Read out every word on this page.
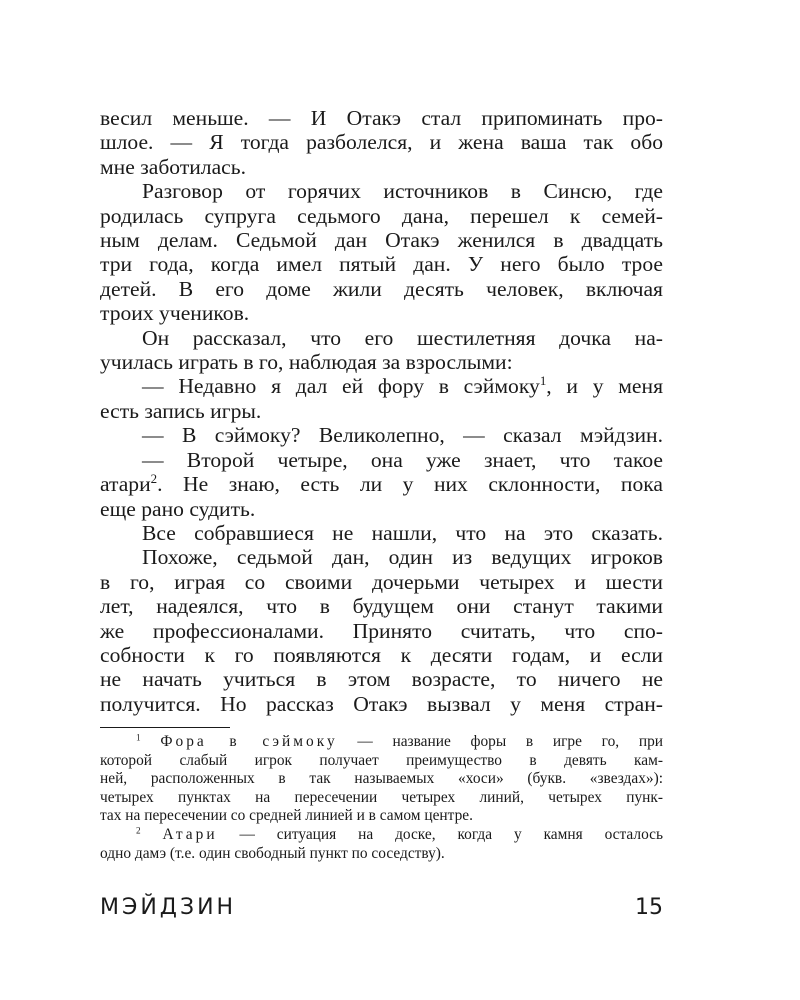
весил меньше. — И Отакэ стал припоминать про-
шлое. — Я тогда разболелся, и жена ваша так обо
мне заботилась.
Разговор от горячих источников в Синсю, где
родилась супруга седьмого дана, перешел к семей-
ным делам. Седьмой дан Отакэ женился в двадцать
три года, когда имел пятый дан. У него было трое
детей. В его доме жили десять человек, включая
троих учеников.
Он рассказал, что его шестилетняя дочка на-
училась играть в го, наблюдая за взрослыми:
— Недавно я дал ей фору в сэймоку$^1$, и у меня
есть запись игры.
— В сэймоку? Великолепно, — сказал мэйдзин.
— Второй четыре, она уже знает, что такое
атари$^2$. Не знаю, есть ли у них склонности, пока
еще рано судить.
Все собравшиеся не нашли, что на это сказать.
Похоже, седьмой дан, один из ведущих игроков
в го, играя со своими дочерьми четырех и шести
лет, надеялся, что в будущем они станут такими
же профессионалами. Принято считать, что спо-
собности к го появляются к десяти годам, и если
не начать учиться в этом возрасте, то ничего не
получится. Но рассказ Отакэ вызвал у меня стран-
$^1$ Фора в сэймоку — название форы в игре го, при
которой слабый игрок получает преимущество в девять кам-
ней, расположенных в так называемых «хоси» (букв. «звездах»):
четырех пунктах на пересечении четырех линий, четырех пунк-
тах на пересечении со средней линией и в самом центре.
$^2$ Атари — ситуация на доске, когда у камня осталось
одно дамэ (т.е. один свободный пункт по соседству).
МЭЙДЗИН	15
